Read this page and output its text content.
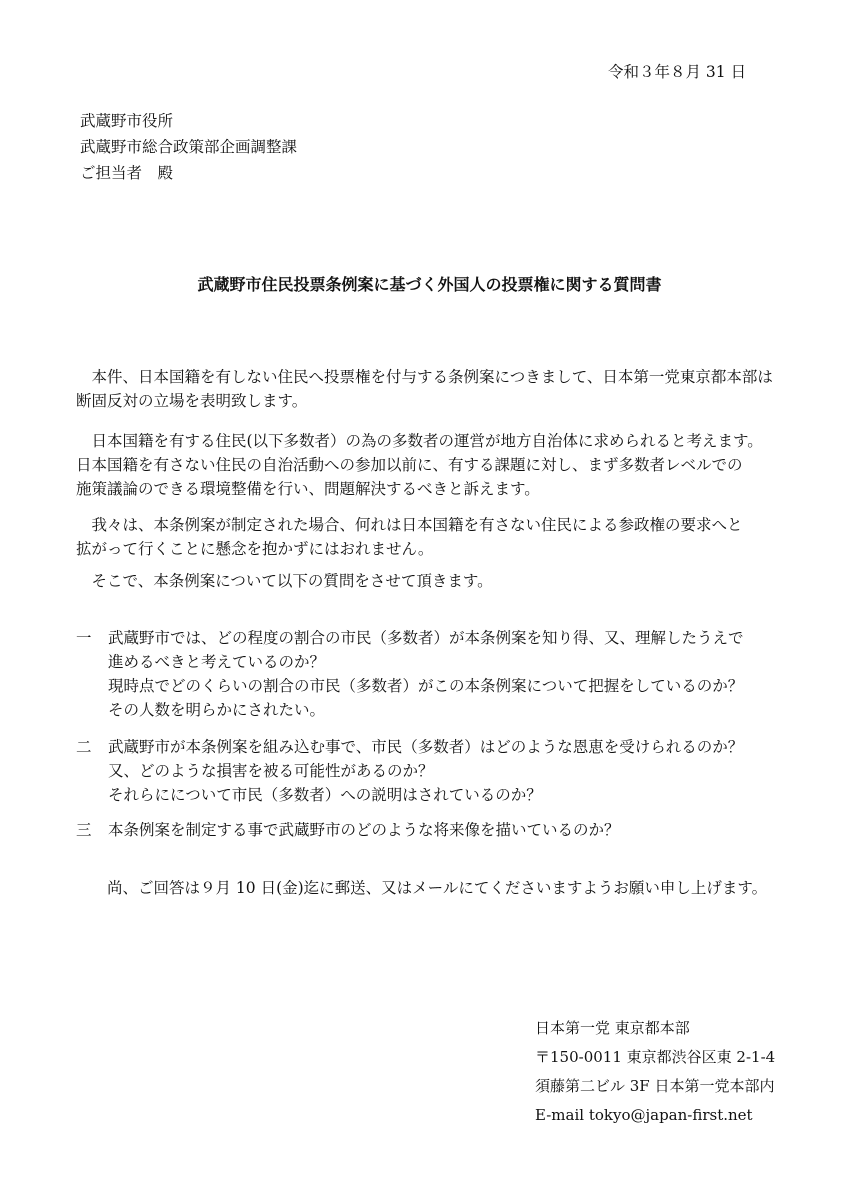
令和３年８月 31 日
武蔵野市役所
武蔵野市総合政策部企画調整課
ご担当者　殿
武蔵野市住民投票条例案に基づく外国人の投票権に関する質問書
　本件、日本国籍を有しない住民へ投票権を付与する条例案につきまして、日本第一党東京都本部は
断固反対の立場を表明致します。
　日本国籍を有する住民(以下多数者）の為の多数者の運営が地方自治体に求められると考えます。
日本国籍を有さない住民の自治活動への参加以前に、有する課題に対し、まず多数者レベルでの
施策議論のできる環境整備を行い、問題解決するべきと訴えます。
　我々は、本条例案が制定された場合、何れは日本国籍を有さない住民による参政権の要求へと
拡がって行くことに懸念を抱かずにはおれません。
　そこで、本条例案について以下の質問をさせて頂きます。
一 武蔵野市では、どの程度の割合の市民（多数者）が本条例案を知り得、又、理解したうえで
進めるべきと考えているのか？
現時点でどのくらいの割合の市民（多数者）がこの本条例案について把握をしているのか？
その人数を明らかにされたい。
二 武蔵野市が本条例案を組み込む事で、市民（多数者）はどのような恩恵を受けられるのか？
又、どのような損害を被る可能性があるのか？
それらにについて市民（多数者）への説明はされているのか？
三 本条例案を制定する事で武蔵野市のどのような将来像を描いているのか？
　　尚、ご回答は９月 10 日(金)迄に郵送、又はメールにてくださいますようお願い申し上げます。
日本第一党 東京都本部
〒150-0011 東京都渋谷区東 2-1-4
須藤第二ビル 3F 日本第一党本部内
E-mail tokyo@japan-first.net
